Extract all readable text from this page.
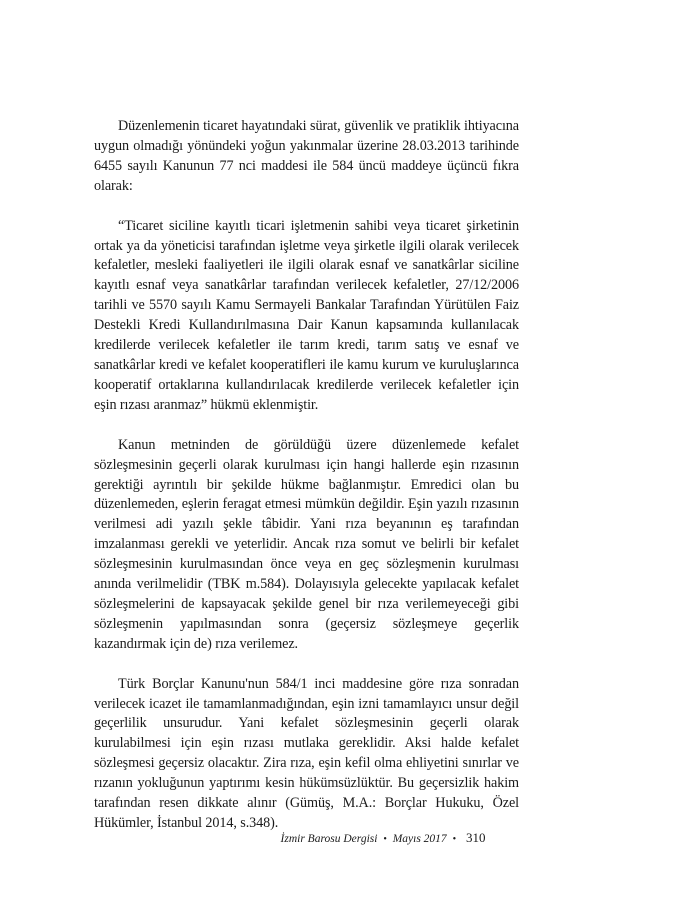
Düzenlemenin ticaret hayatındaki sürat, güvenlik ve pratiklik ihtiyacına uygun olmadığı yönündeki yoğun yakınmalar üzerine 28.03.2013 tarihinde 6455 sayılı Kanunun 77 nci maddesi ile 584 üncü maddeye üçüncü fıkra olarak:

“Ticaret siciline kayıtlı ticari işletmenin sahibi veya ticaret şirketinin ortak ya da yöneticisi tarafından işletme veya şirketle ilgili olarak verilecek kefaletler, mesleki faaliyetleri ile ilgili olarak esnaf ve sanatkârlar siciline kayıtlı esnaf veya sanatkârlar tarafından verilecek kefaletler, 27/12/2006 tarihli ve 5570 sayılı Kamu Sermayeli Bankalar Tarafından Yürütülen Faiz Destekli Kredi Kullandırılmasına Dair Kanun kapsamında kullanılacak kredilerde verilecek kefaletler ile tarım kredi, tarım satış ve esnaf ve sanatkârlar kredi ve kefalet kooperatifleri ile kamu kurum ve kuruluşlarınca kooperatif ortaklarına kullandırılacak kredilerde verilecek kefaletler için eşin rızası aranmaz” hükmü eklenmiştir.

Kanun metninden de görüldüğü üzere düzenlemede kefalet sözleşmesinin geçerli olarak kurulması için hangi hallerde eşin rızasının gerektiği ayrıntılı bir şekilde hükme bağlanmıştır. Emredici olan bu düzenlemeden, eşlerin feragat etmesi mümkün değildir. Eşin yazılı rızasının verilmesi adi yazılı şekle tâbidir. Yani rıza beyanının eş tarafından imzalanması gerekli ve yeterlidir. Ancak rıza somut ve belirli bir kefalet sözleşmesinin kurulmasından önce veya en geç sözleşmenin kurulması anında verilmelidir (TBK m.584). Dolayısıyla gelecekte yapılacak kefalet sözleşmelerini de kapsayacak şekilde genel bir rıza verilemeyeceği gibi sözleşmenin yapılmasından sonra (geçersiz sözleşmeye geçerlik kazandırmak için de) rıza verilemez.

Türk Borçlar Kanunu'nun 584/1 inci maddesine göre rıza sonradan verilecek icazet ile tamamlanmadığından, eşin izni tamamlayıcı unsur değil geçerlilik unsurudur. Yani kefalet sözleşmesinin geçerli olarak kurulabilmesi için eşin rızası mutlaka gereklidir. Aksi halde kefalet sözleşmesi geçersiz olacaktır. Zira rıza, eşin kefil olma ehliyetini sınırlar ve rızanın yokluğunun yaptırımı kesin hükümsüzlüktür. Bu geçersizlik hakim tarafından resen dikkate alınır (Gümüş, M.A.: Borçlar Hukuku, Özel Hükümler, İstanbul 2014, s.348).

İzmir Barosu Dergisi • Mayıs 2017 • 310
